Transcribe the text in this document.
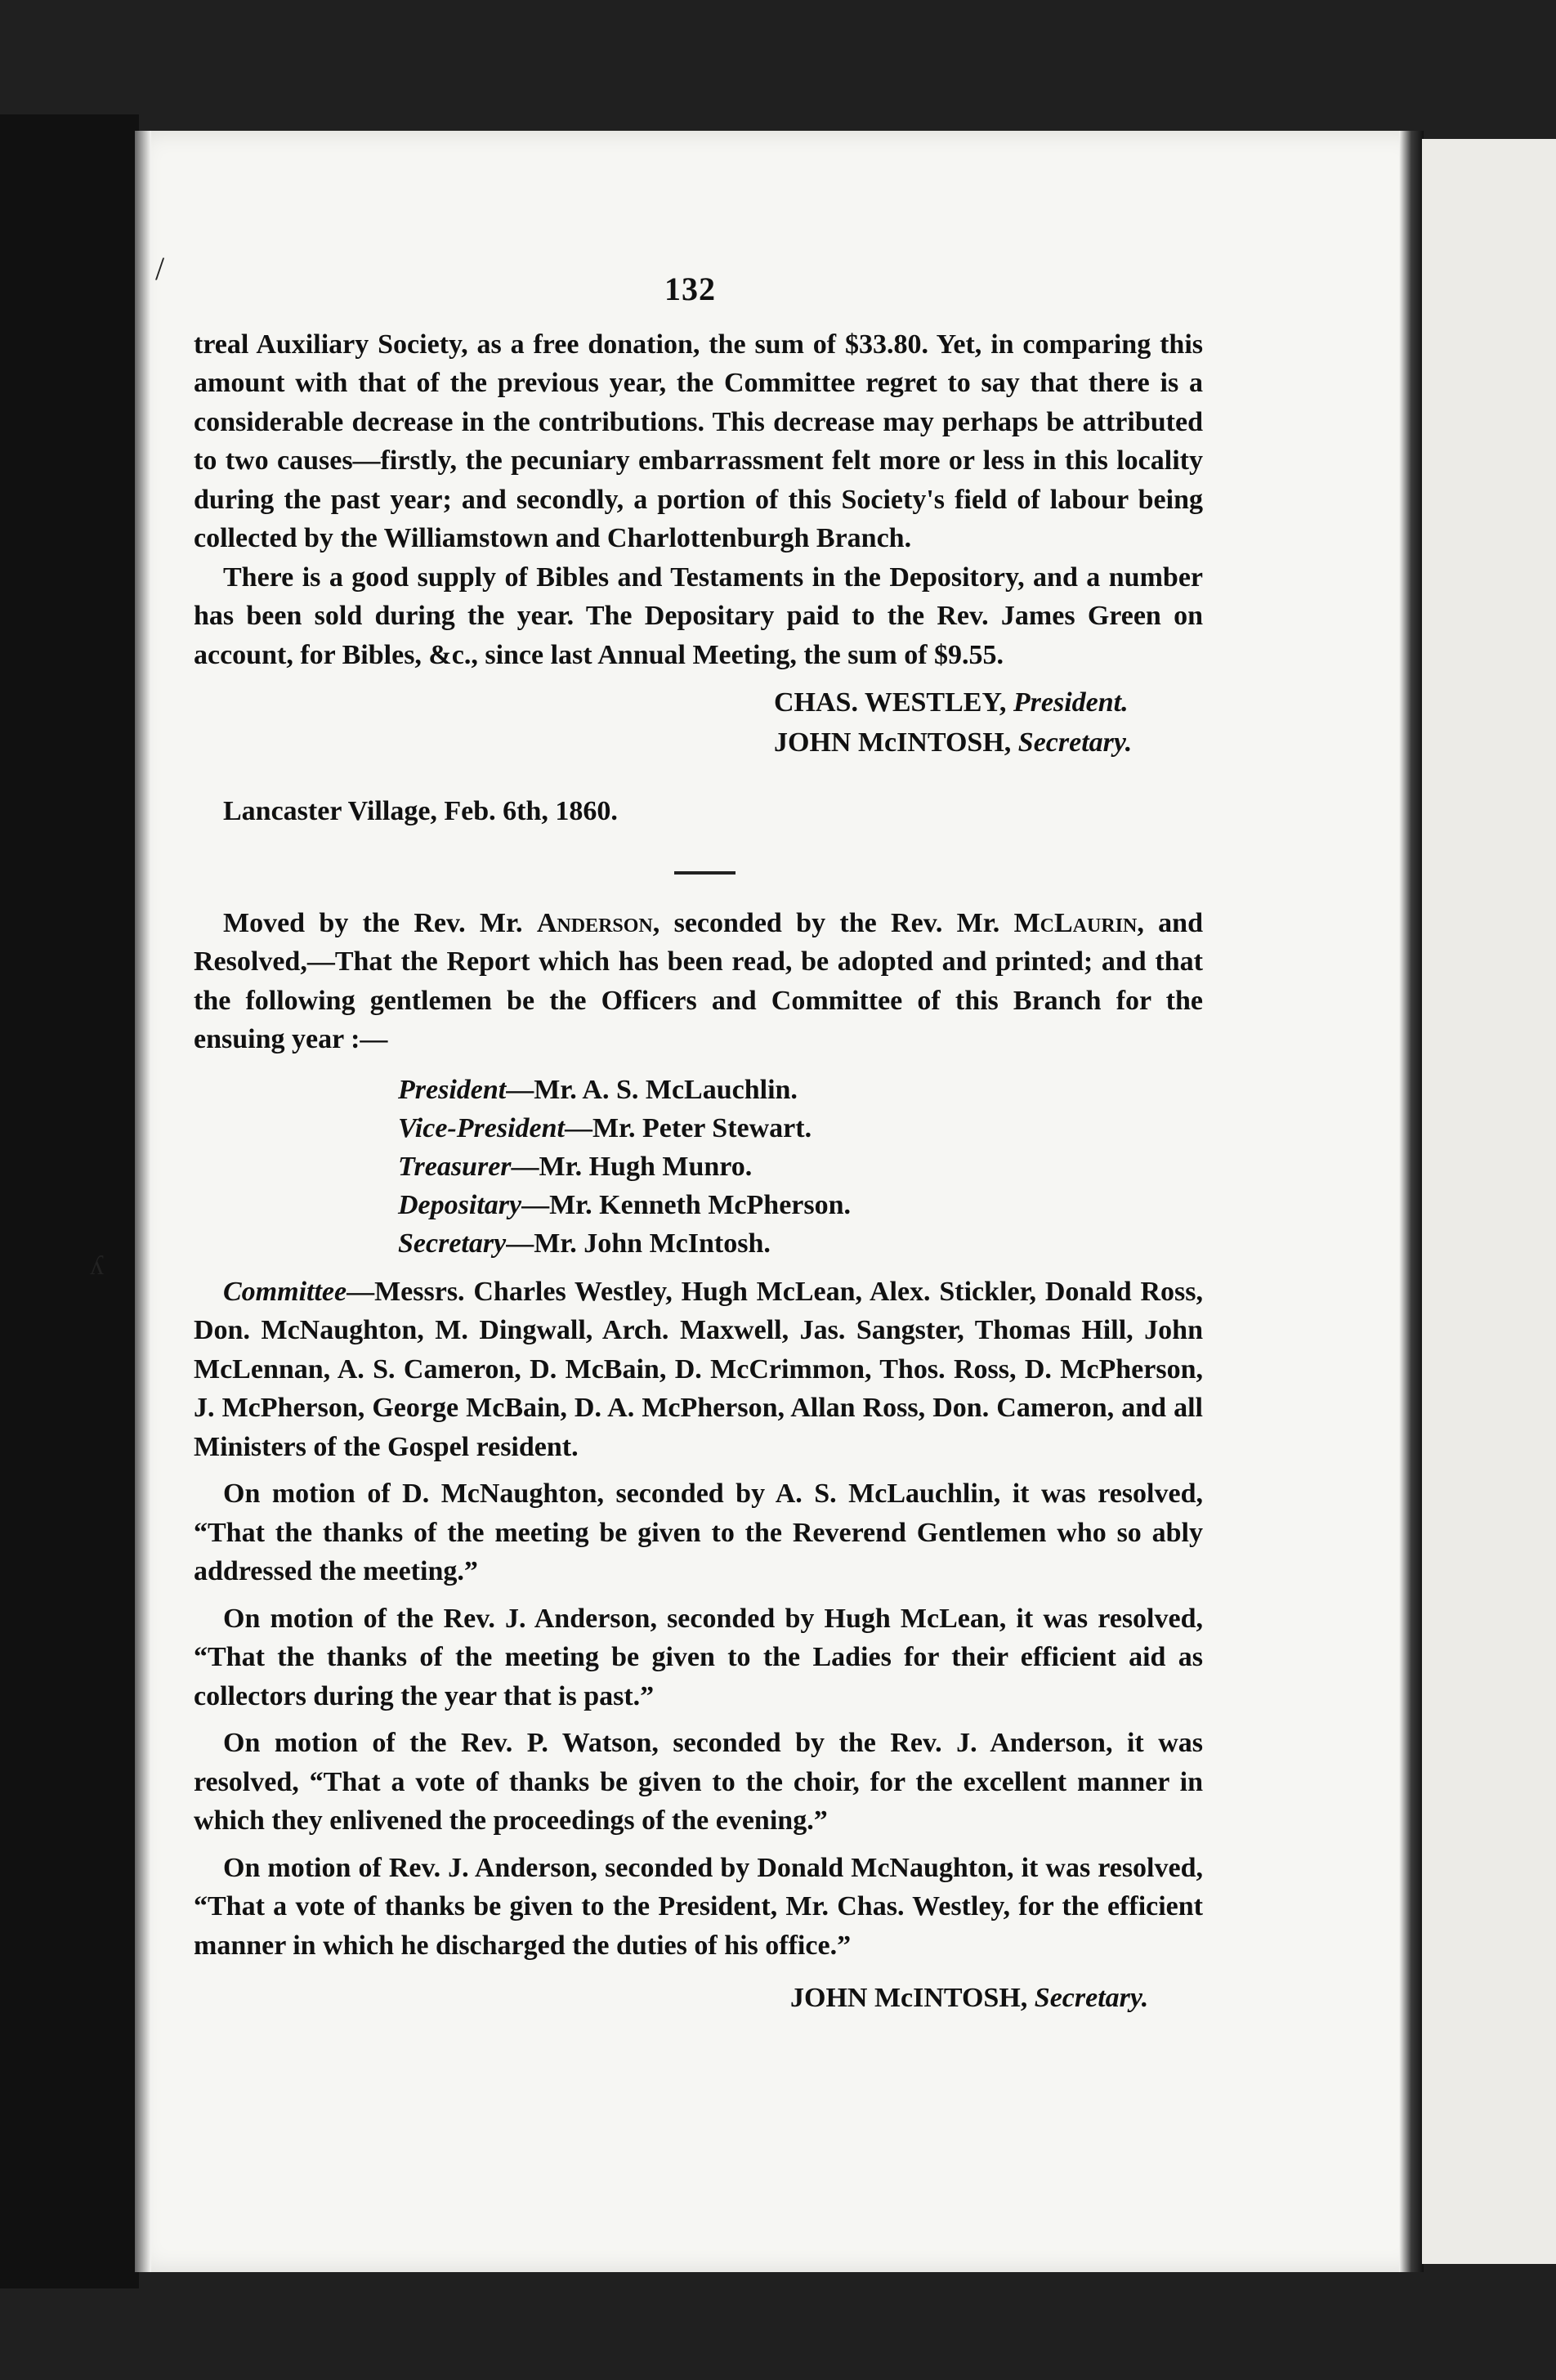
/
ʎ
132

treal Auxiliary Society, as a free donation, the sum of $33.80. Yet, in comparing this amount with that of the previous year, the Committee regret to say that there is a considerable decrease in the contributions. This decrease may perhaps be attributed to two causes—firstly, the pecuniary embarrassment felt more or less in this locality during the past year; and secondly, a portion of this Society's field of labour being collected by the Williamstown and Charlottenburgh Branch.

There is a good supply of Bibles and Testaments in the Depository, and a number has been sold during the year. The Depositary paid to the Rev. James Green on account, for Bibles, &c., since last Annual Meeting, the sum of $9.55.

CHAS. WESTLEY, President.
JOHN McINTOSH, Secretary.

Lancaster Village, Feb. 6th, 1860.

Moved by the Rev. Mr. Anderson, seconded by the Rev. Mr. McLaurin, and Resolved,—That the Report which has been read, be adopted and printed; and that the following gentlemen be the Officers and Committee of this Branch for the ensuing year :—

President—Mr. A. S. McLauchlin.
Vice-President—Mr. Peter Stewart.
Treasurer—Mr. Hugh Munro.
Depositary—Mr. Kenneth McPherson.
Secretary—Mr. John McIntosh.

Committee—Messrs. Charles Westley, Hugh McLean, Alex. Stickler, Donald Ross, Don. McNaughton, M. Dingwall, Arch. Maxwell, Jas. Sangster, Thomas Hill, John McLennan, A. S. Cameron, D. McBain, D. McCrimmon, Thos. Ross, D. McPherson, J. McPherson, George McBain, D. A. McPherson, Allan Ross, Don. Cameron, and all Ministers of the Gospel resident.

On motion of D. McNaughton, seconded by A. S. McLauchlin, it was resolved, “That the thanks of the meeting be given to the Reverend Gentlemen who so ably addressed the meeting.”

On motion of the Rev. J. Anderson, seconded by Hugh McLean, it was resolved, “That the thanks of the meeting be given to the Ladies for their efficient aid as collectors during the year that is past.”

On motion of the Rev. P. Watson, seconded by the Rev. J. Anderson, it was resolved, “That a vote of thanks be given to the choir, for the excellent manner in which they enlivened the proceedings of the evening.”

On motion of Rev. J. Anderson, seconded by Donald McNaughton, it was resolved, “That a vote of thanks be given to the President, Mr. Chas. Westley, for the efficient manner in which he discharged the duties of his office.”

JOHN McINTOSH, Secretary.
